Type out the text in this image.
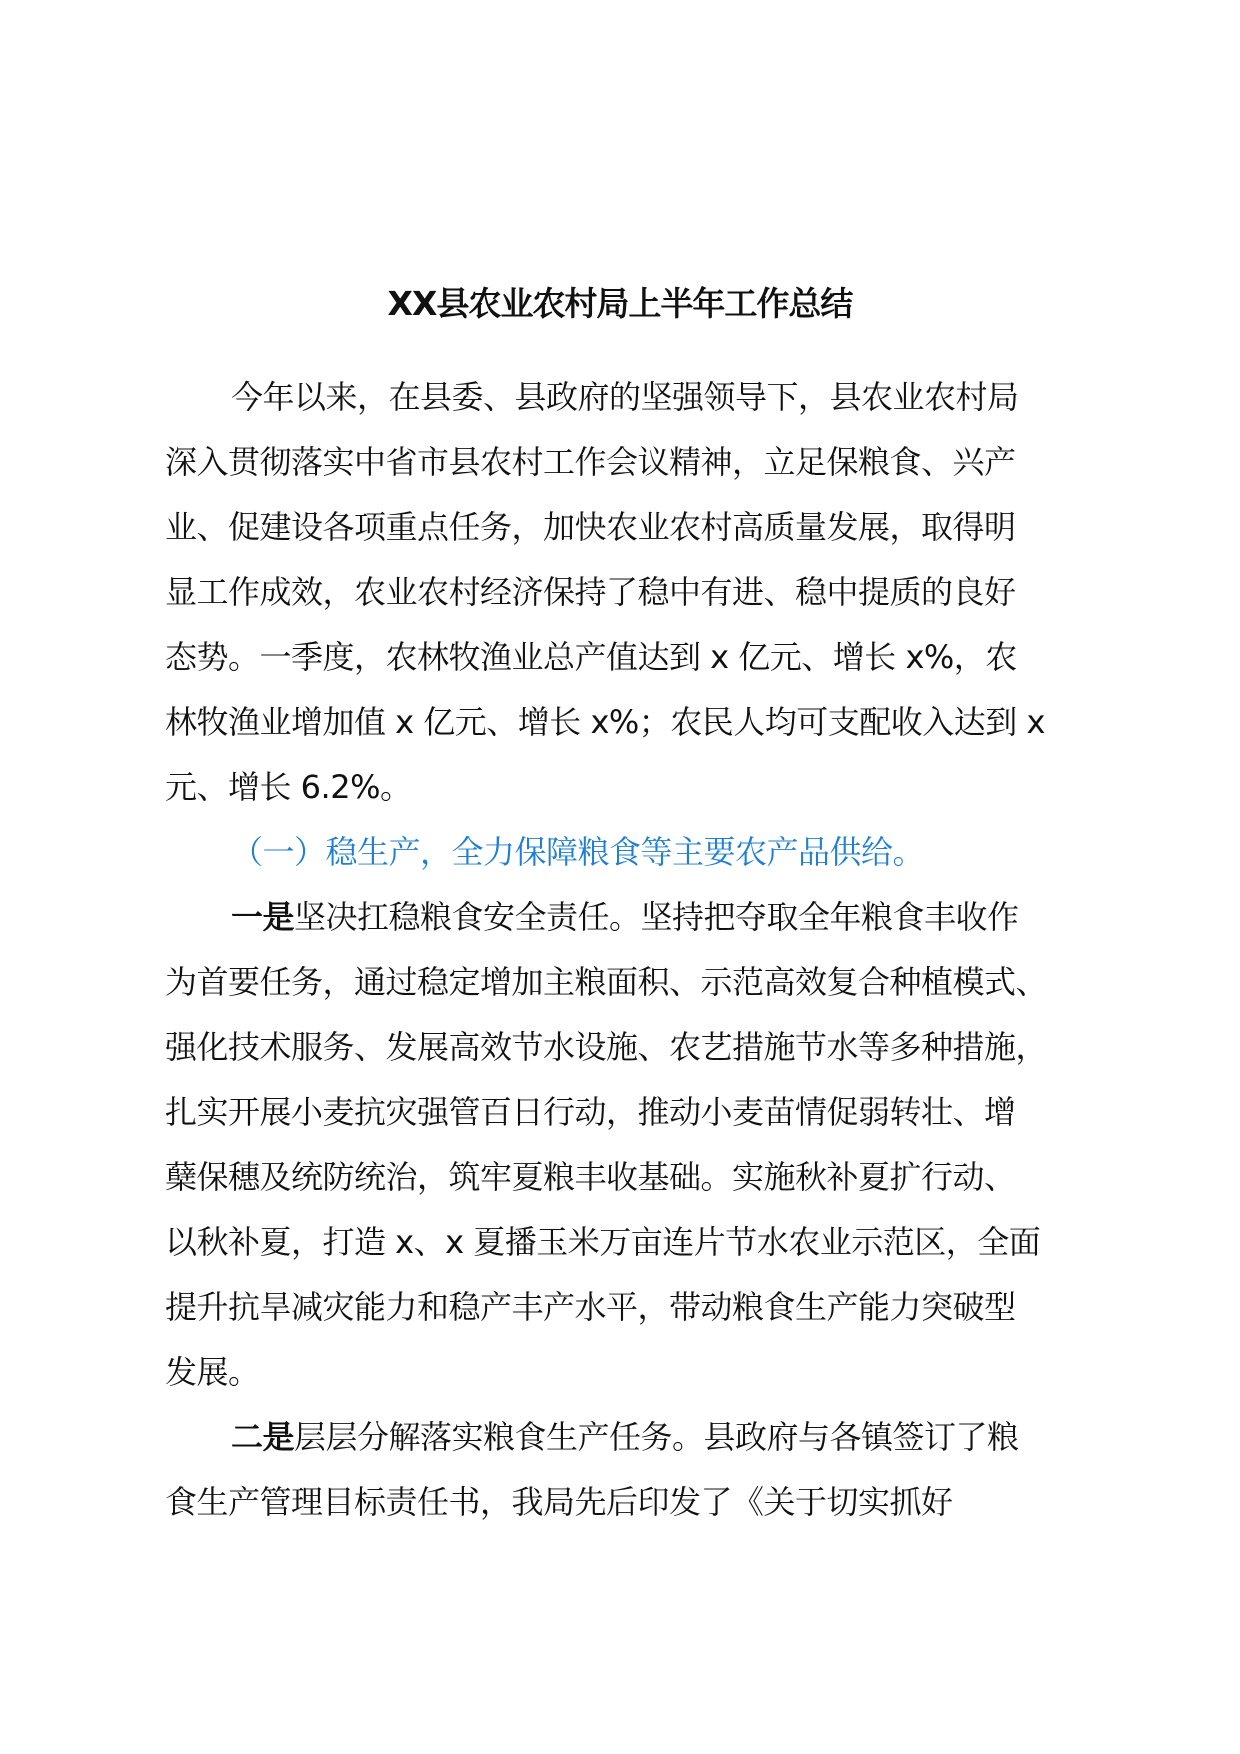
XX县农业农村局上半年工作总结
今年以来，在县委、县政府的坚强领导下，县农业农村局
深入贯彻落实中省市县农村工作会议精神，立足保粮食、兴产
业、促建设各项重点任务，加快农业农村高质量发展，取得明
显工作成效，农业农村经济保持了稳中有进、稳中提质的良好
态势。一季度，农林牧渔业总产值达到 x 亿元、增长 x%，农
林牧渔业增加值 x 亿元、增长 x%；农民人均可支配收入达到 x
元、增长 6.2%。
（一）稳生产，全力保障粮食等主要农产品供给。
一是坚决扛稳粮食安全责任。坚持把夺取全年粮食丰收作
为首要任务，通过稳定增加主粮面积、示范高效复合种植模式、
强化技术服务、发展高效节水设施、农艺措施节水等多种措施，
扎实开展小麦抗灾强管百日行动，推动小麦苗情促弱转壮、增
蘖保穗及统防统治，筑牢夏粮丰收基础。实施秋补夏扩行动、
以秋补夏，打造 x、x 夏播玉米万亩连片节水农业示范区，全面
提升抗旱减灾能力和稳产丰产水平，带动粮食生产能力突破型
发展。
二是层层分解落实粮食生产任务。县政府与各镇签订了粮
食生产管理目标责任书，我局先后印发了《关于切实抓好
